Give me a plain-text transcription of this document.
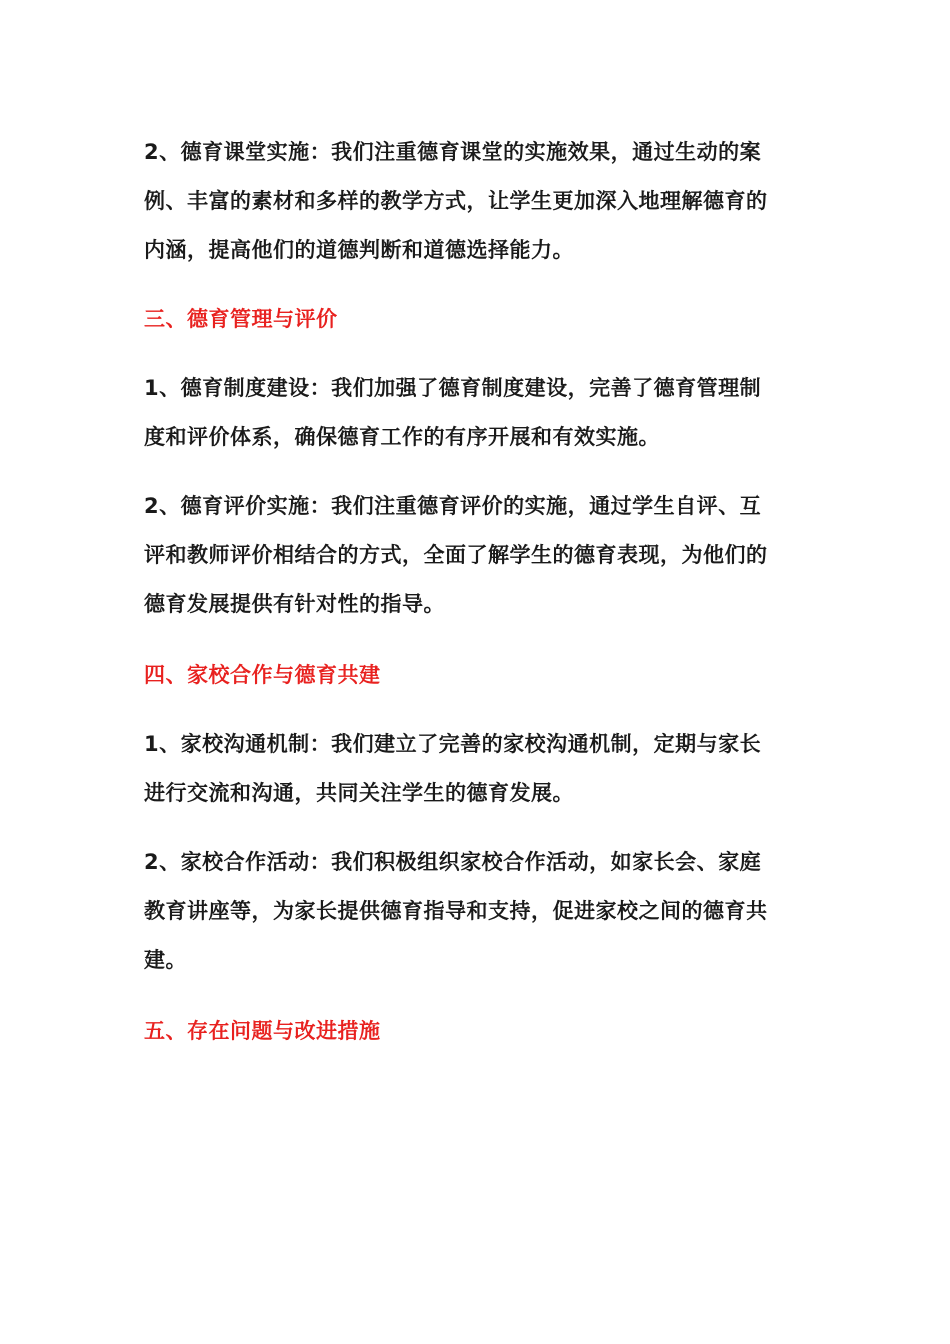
2、德育课堂实施：我们注重德育课堂的实施效果，通过生动的案
例、丰富的素材和多样的教学方式，让学生更加深入地理解德育的
内涵，提高他们的道德判断和道德选择能力。
三、德育管理与评价
1、德育制度建设：我们加强了德育制度建设，完善了德育管理制
度和评价体系，确保德育工作的有序开展和有效实施。
2、德育评价实施：我们注重德育评价的实施，通过学生自评、互
评和教师评价相结合的方式，全面了解学生的德育表现，为他们的
德育发展提供有针对性的指导。
四、家校合作与德育共建
1、家校沟通机制：我们建立了完善的家校沟通机制，定期与家长
进行交流和沟通，共同关注学生的德育发展。
2、家校合作活动：我们积极组织家校合作活动，如家长会、家庭
教育讲座等，为家长提供德育指导和支持，促进家校之间的德育共
建。
五、存在问题与改进措施
